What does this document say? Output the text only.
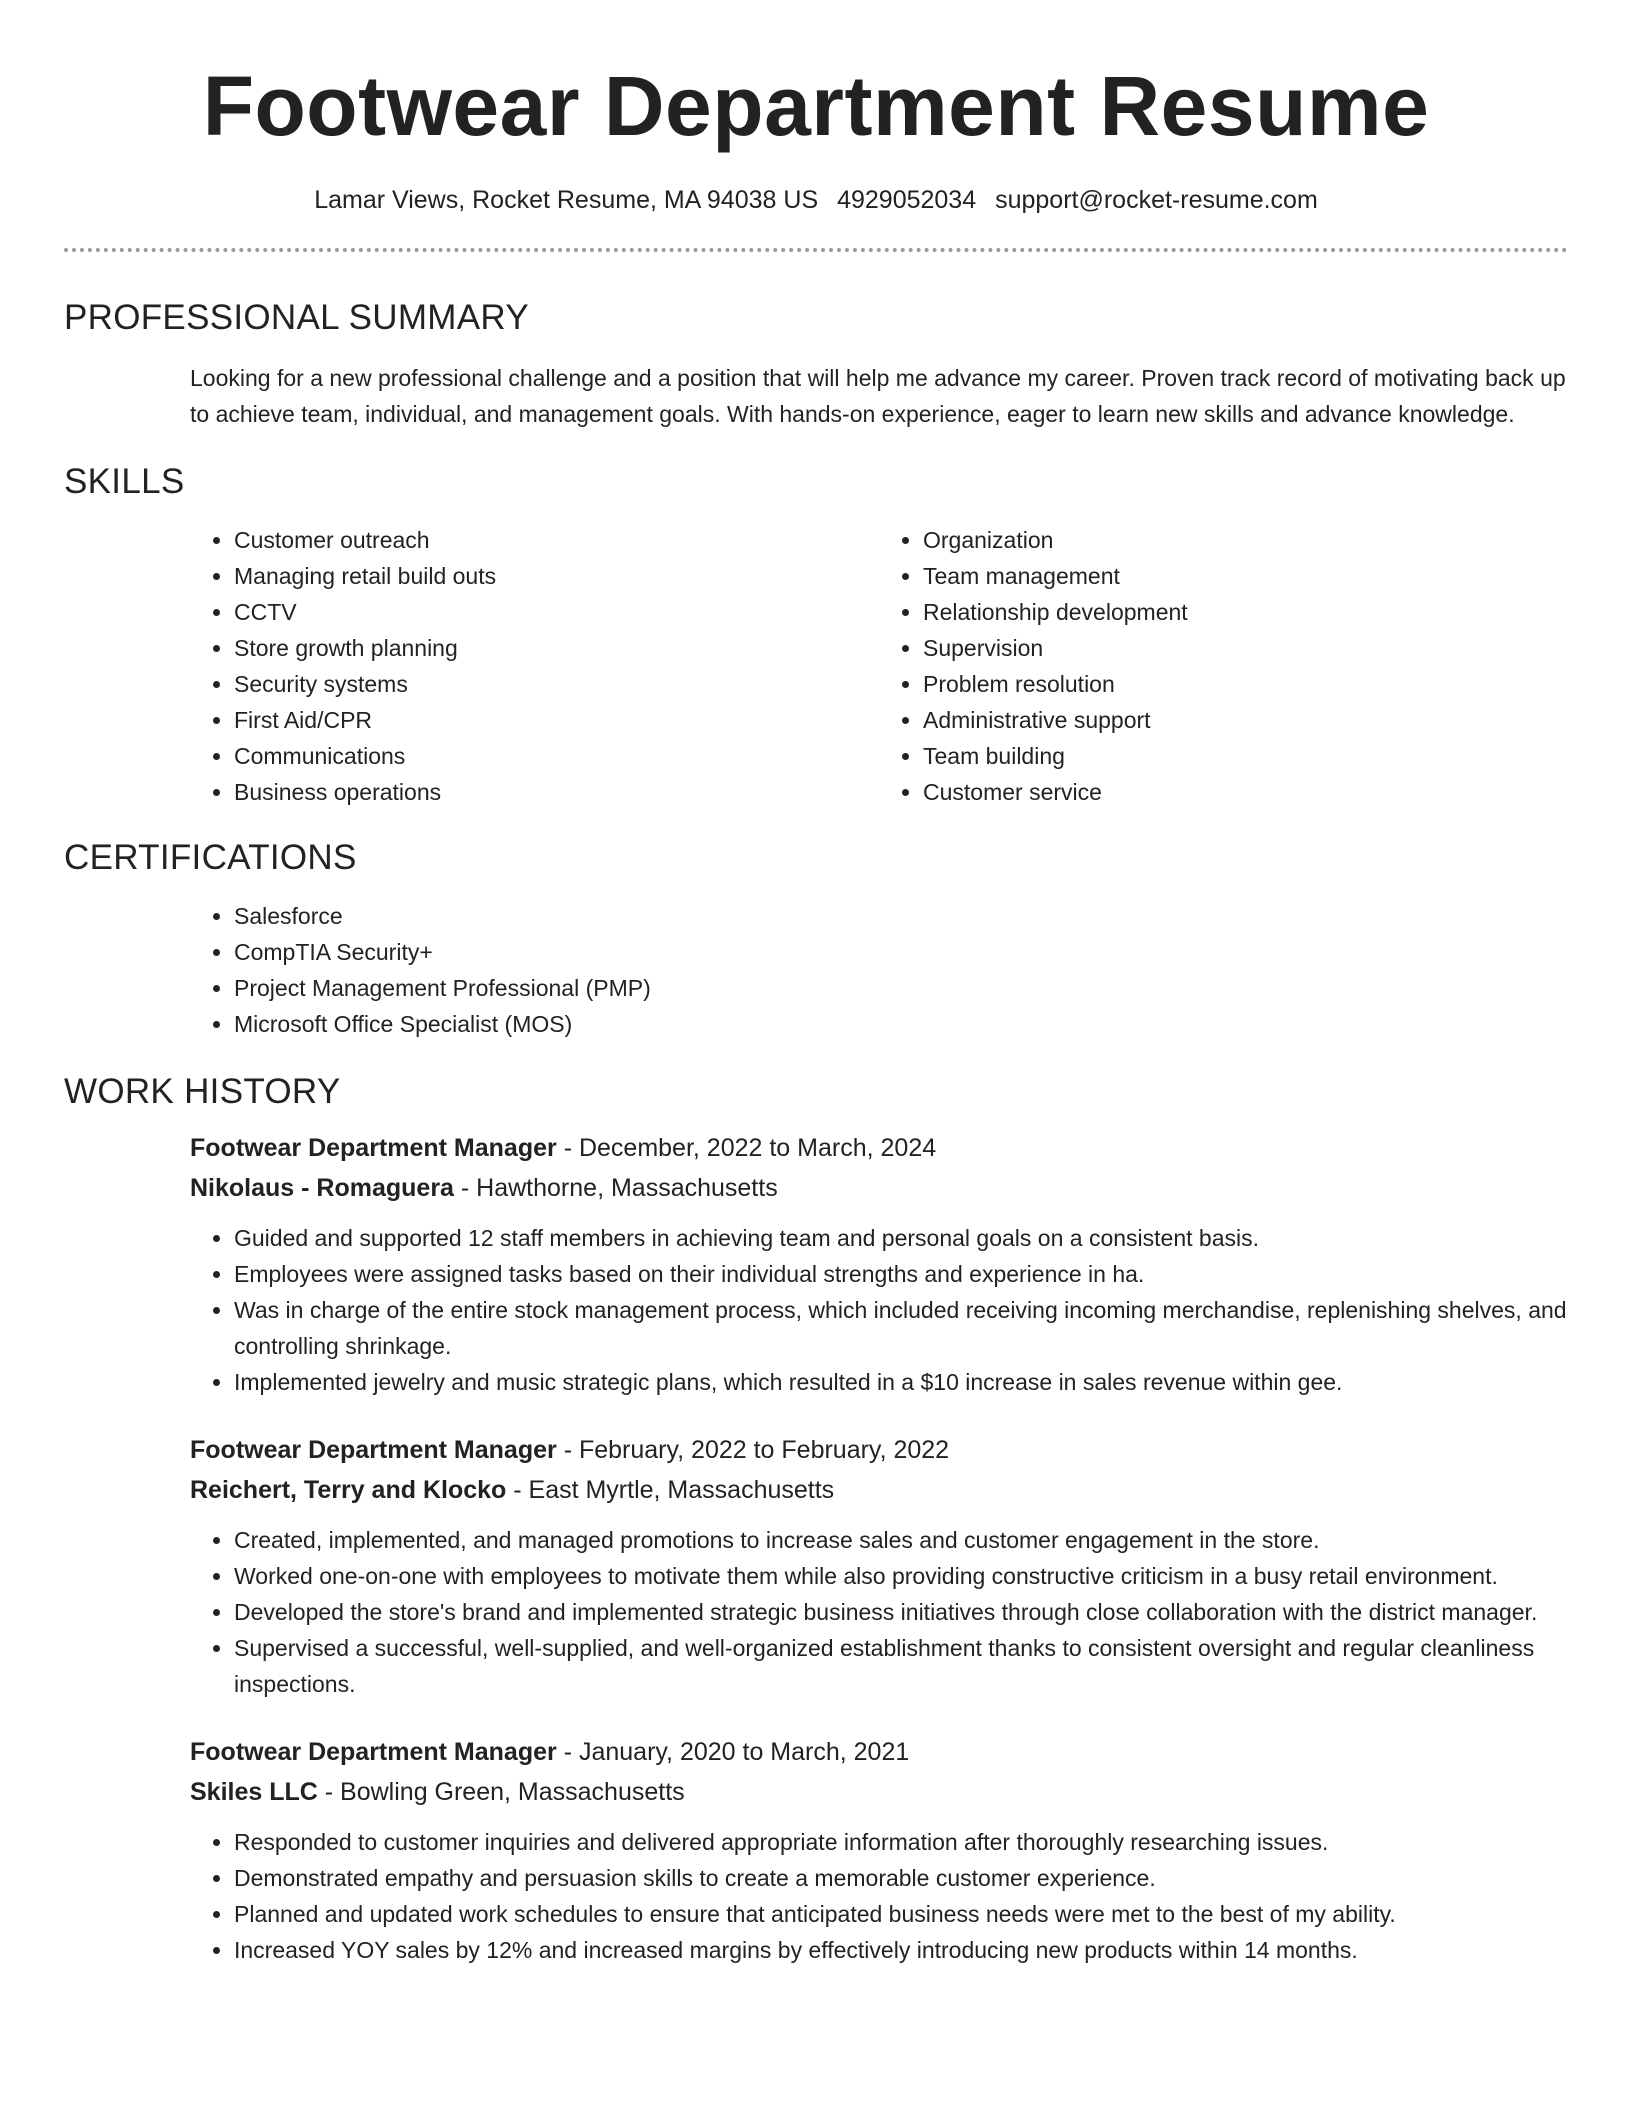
Footwear Department Resume
Lamar Views, Rocket Resume, MA 94038 US 4929052034 support@rocket-resume.com
PROFESSIONAL SUMMARY
Looking for a new professional challenge and a position that will help me advance my career. Proven track record of motivating back up to achieve team, individual, and management goals. With hands-on experience, eager to learn new skills and advance knowledge.
SKILLS
• Customer outreach
• Managing retail build outs
• CCTV
• Store growth planning
• Security systems
• First Aid/CPR
• Communications
• Business operations
• Organization
• Team management
• Relationship development
• Supervision
• Problem resolution
• Administrative support
• Team building
• Customer service
CERTIFICATIONS
• Salesforce
• CompTIA Security+
• Project Management Professional (PMP)
• Microsoft Office Specialist (MOS)
WORK HISTORY
Footwear Department Manager - December, 2022 to March, 2024
Nikolaus - Romaguera - Hawthorne, Massachusetts
• Guided and supported 12 staff members in achieving team and personal goals on a consistent basis.
• Employees were assigned tasks based on their individual strengths and experience in ha.
• Was in charge of the entire stock management process, which included receiving incoming merchandise, replenishing shelves, and controlling shrinkage.
• Implemented jewelry and music strategic plans, which resulted in a $10 increase in sales revenue within gee.
Footwear Department Manager - February, 2022 to February, 2022
Reichert, Terry and Klocko - East Myrtle, Massachusetts
• Created, implemented, and managed promotions to increase sales and customer engagement in the store.
• Worked one-on-one with employees to motivate them while also providing constructive criticism in a busy retail environment.
• Developed the store's brand and implemented strategic business initiatives through close collaboration with the district manager.
• Supervised a successful, well-supplied, and well-organized establishment thanks to consistent oversight and regular cleanliness inspections.
Footwear Department Manager - January, 2020 to March, 2021
Skiles LLC - Bowling Green, Massachusetts
• Responded to customer inquiries and delivered appropriate information after thoroughly researching issues.
• Demonstrated empathy and persuasion skills to create a memorable customer experience.
• Planned and updated work schedules to ensure that anticipated business needs were met to the best of my ability.
• Increased YOY sales by 12% and increased margins by effectively introducing new products within 14 months.
